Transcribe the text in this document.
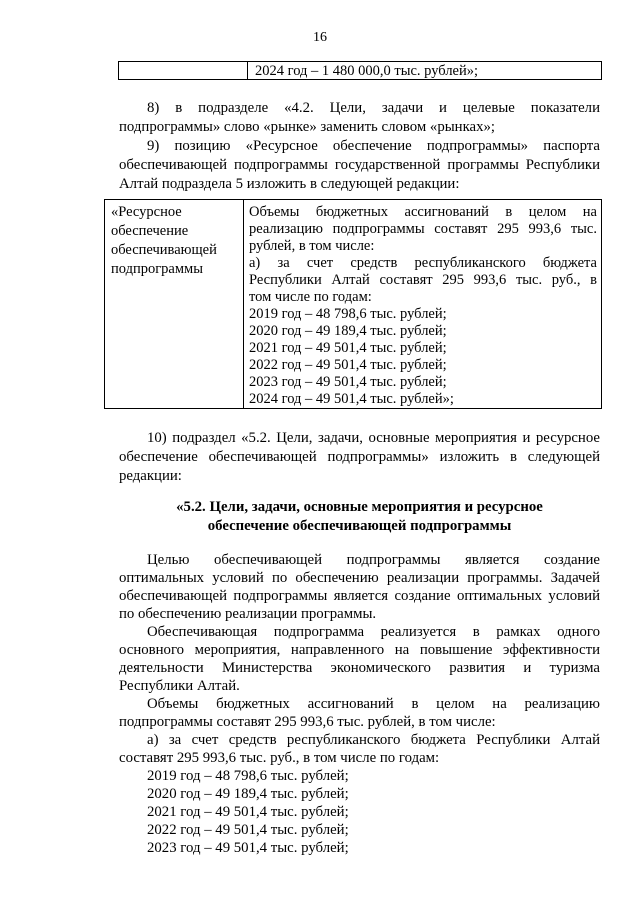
16
2024 год – 1 480 000,0 тыс. рублей»;
8) в подразделе «4.2. Цели, задачи и целевые показатели
подпрограммы» слово «рынке» заменить словом «рынках»;
9) позицию «Ресурсное обеспечение подпрограммы» паспорта
обеспечивающей подпрограммы государственной программы Республики
Алтай подраздела 5 изложить в следующей редакции:
«Ресурсное
обеспечение
обеспечивающей
подпрограммы
Объемы бюджетных ассигнований в целом на
реализацию подпрограммы составят 295 993,6 тыс.
рублей, в том числе:
а) за счет средств республиканского бюджета
Республики Алтай составят 295 993,6 тыс. руб., в
том числе по годам:
2019 год – 48 798,6 тыс. рублей;
2020 год – 49 189,4 тыс. рублей;
2021 год – 49 501,4 тыс. рублей;
2022 год – 49 501,4 тыс. рублей;
2023 год – 49 501,4 тыс. рублей;
2024 год – 49 501,4 тыс. рублей»;
10) подраздел «5.2. Цели, задачи, основные мероприятия и ресурсное
обеспечение обеспечивающей подпрограммы» изложить в следующей
редакции:
«5.2. Цели, задачи, основные мероприятия и ресурсное
обеспечение обеспечивающей подпрограммы
Целью обеспечивающей подпрограммы является создание
оптимальных условий по обеспечению реализации программы. Задачей
обеспечивающей подпрограммы является создание оптимальных условий
по обеспечению реализации программы.
Обеспечивающая подпрограмма реализуется в рамках одного
основного мероприятия, направленного на повышение эффективности
деятельности Министерства экономического развития и туризма
Республики Алтай.
Объемы бюджетных ассигнований в целом на реализацию
подпрограммы составят 295 993,6 тыс. рублей, в том числе:
а) за счет средств республиканского бюджета Республики Алтай
составят 295 993,6 тыс. руб., в том числе по годам:
2019 год – 48 798,6 тыс. рублей;
2020 год – 49 189,4 тыс. рублей;
2021 год – 49 501,4 тыс. рублей;
2022 год – 49 501,4 тыс. рублей;
2023 год – 49 501,4 тыс. рублей;
